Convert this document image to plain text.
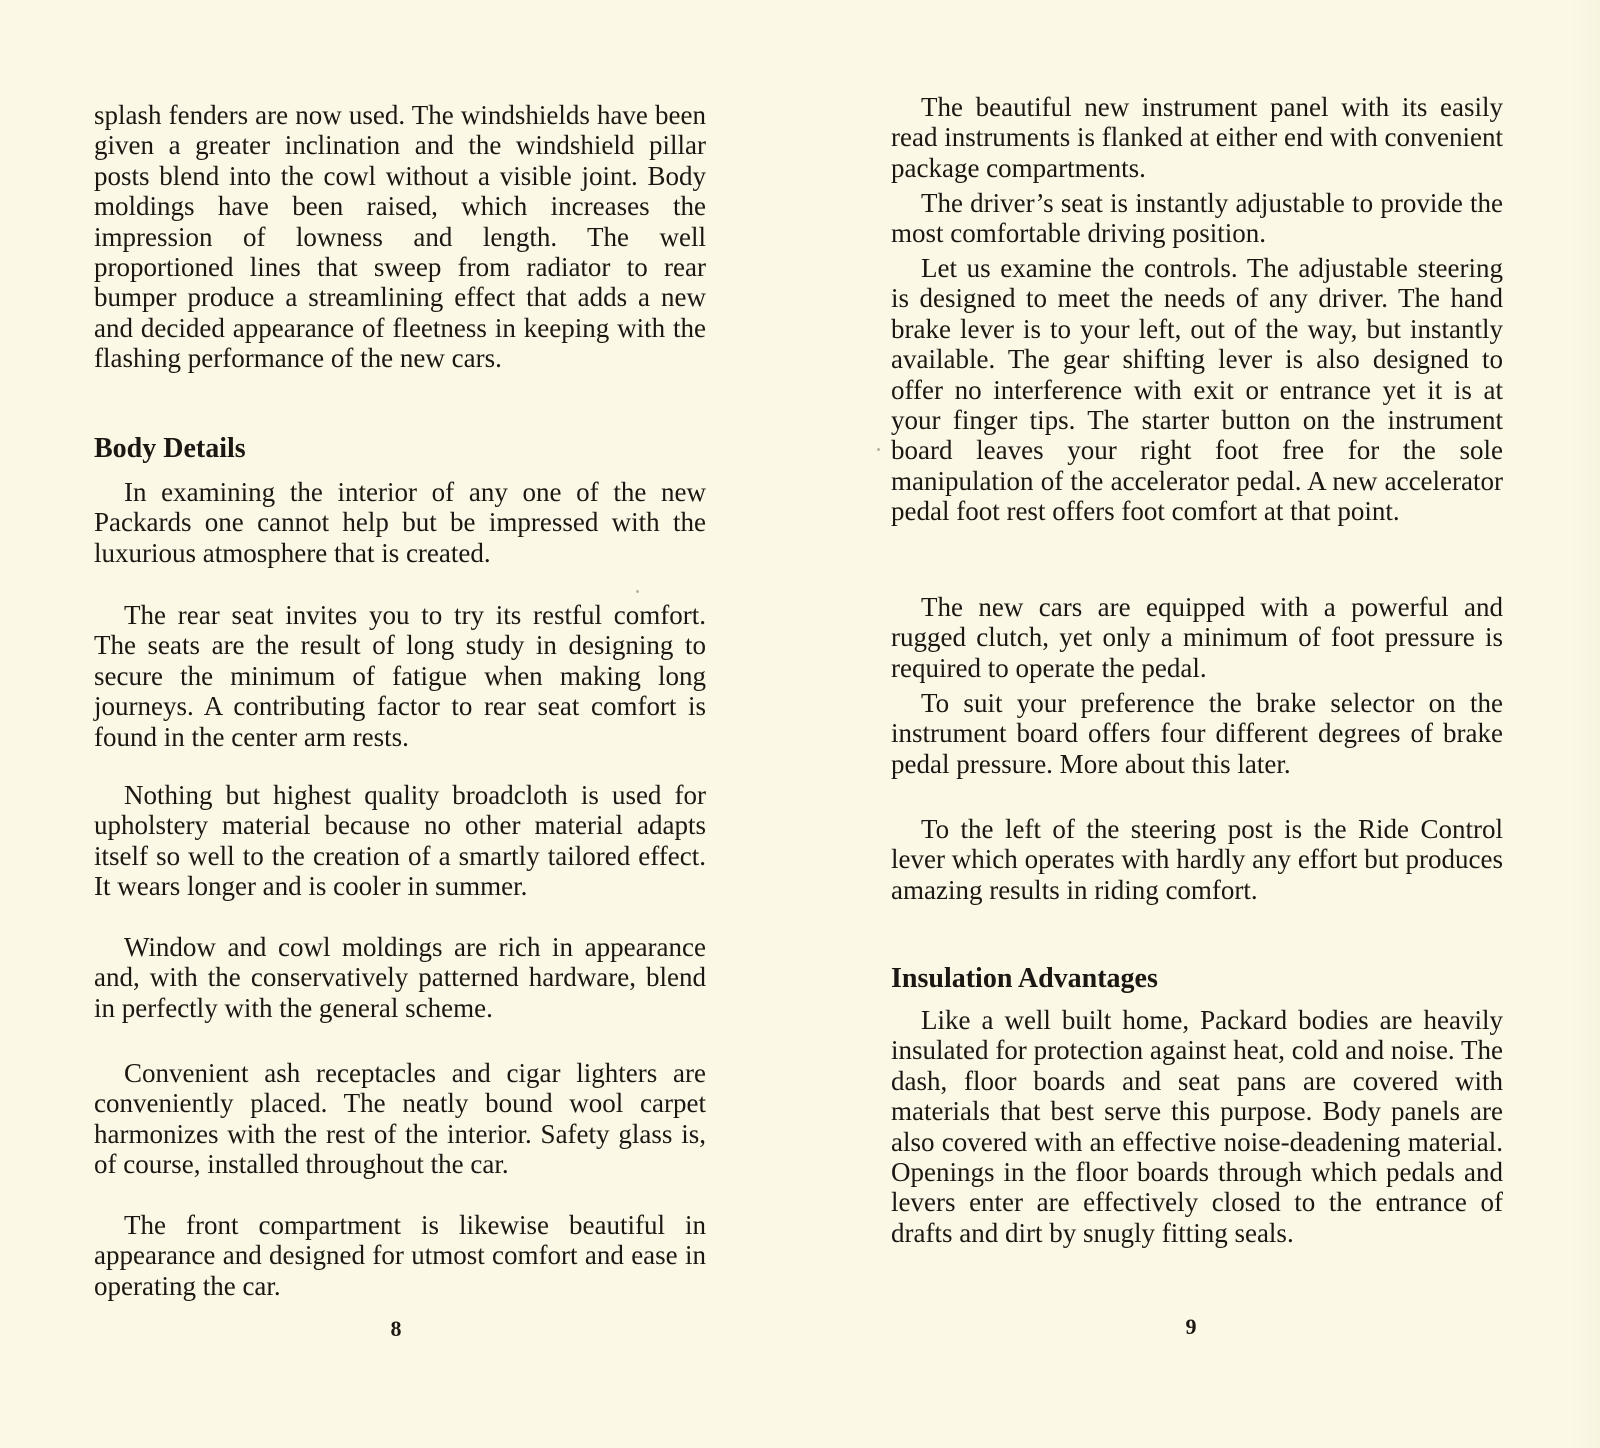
splash fenders are now used. The windshields have been given a greater inclination and the windshield pillar posts blend into the cowl without a visible joint. Body moldings have been raised, which increases the impression of lowness and length. The well proportioned lines that sweep from radiator to rear bumper produce a streamlining effect that adds a new and decided appearance of fleetness in keeping with the flashing performance of the new cars.

Body Details

In examining the interior of any one of the new Packards one cannot help but be impressed with the luxurious atmosphere that is created.

The rear seat invites you to try its restful comfort. The seats are the result of long study in designing to secure the minimum of fatigue when making long journeys. A contributing factor to rear seat comfort is found in the center arm rests.

Nothing but highest quality broadcloth is used for upholstery material because no other material adapts itself so well to the creation of a smartly tailored effect. It wears longer and is cooler in summer.

Window and cowl moldings are rich in appearance and, with the conservatively patterned hardware, blend in perfectly with the general scheme.

Convenient ash receptacles and cigar lighters are conveniently placed. The neatly bound wool carpet harmonizes with the rest of the interior. Safety glass is, of course, installed throughout the car.

The front compartment is likewise beautiful in appearance and designed for utmost comfort and ease in operating the car.

8

The beautiful new instrument panel with its easily read instruments is flanked at either end with convenient package compartments.

The driver’s seat is instantly adjustable to provide the most comfortable driving position.

Let us examine the controls. The adjustable steering is designed to meet the needs of any driver. The hand brake lever is to your left, out of the way, but instantly available. The gear shifting lever is also designed to offer no interference with exit or entrance yet it is at your finger tips. The starter button on the instrument board leaves your right foot free for the sole manipulation of the accelerator pedal. A new accelerator pedal foot rest offers foot comfort at that point.

The new cars are equipped with a powerful and rugged clutch, yet only a minimum of foot pressure is required to operate the pedal.

To suit your preference the brake selector on the instrument board offers four different degrees of brake pedal pressure. More about this later.

To the left of the steering post is the Ride Control lever which operates with hardly any effort but produces amazing results in riding comfort.

Insulation Advantages

Like a well built home, Packard bodies are heavily insulated for protection against heat, cold and noise. The dash, floor boards and seat pans are covered with materials that best serve this purpose. Body panels are also covered with an effective noise-deadening material. Openings in the floor boards through which pedals and levers enter are effectively closed to the entrance of drafts and dirt by snugly fitting seals.

9
